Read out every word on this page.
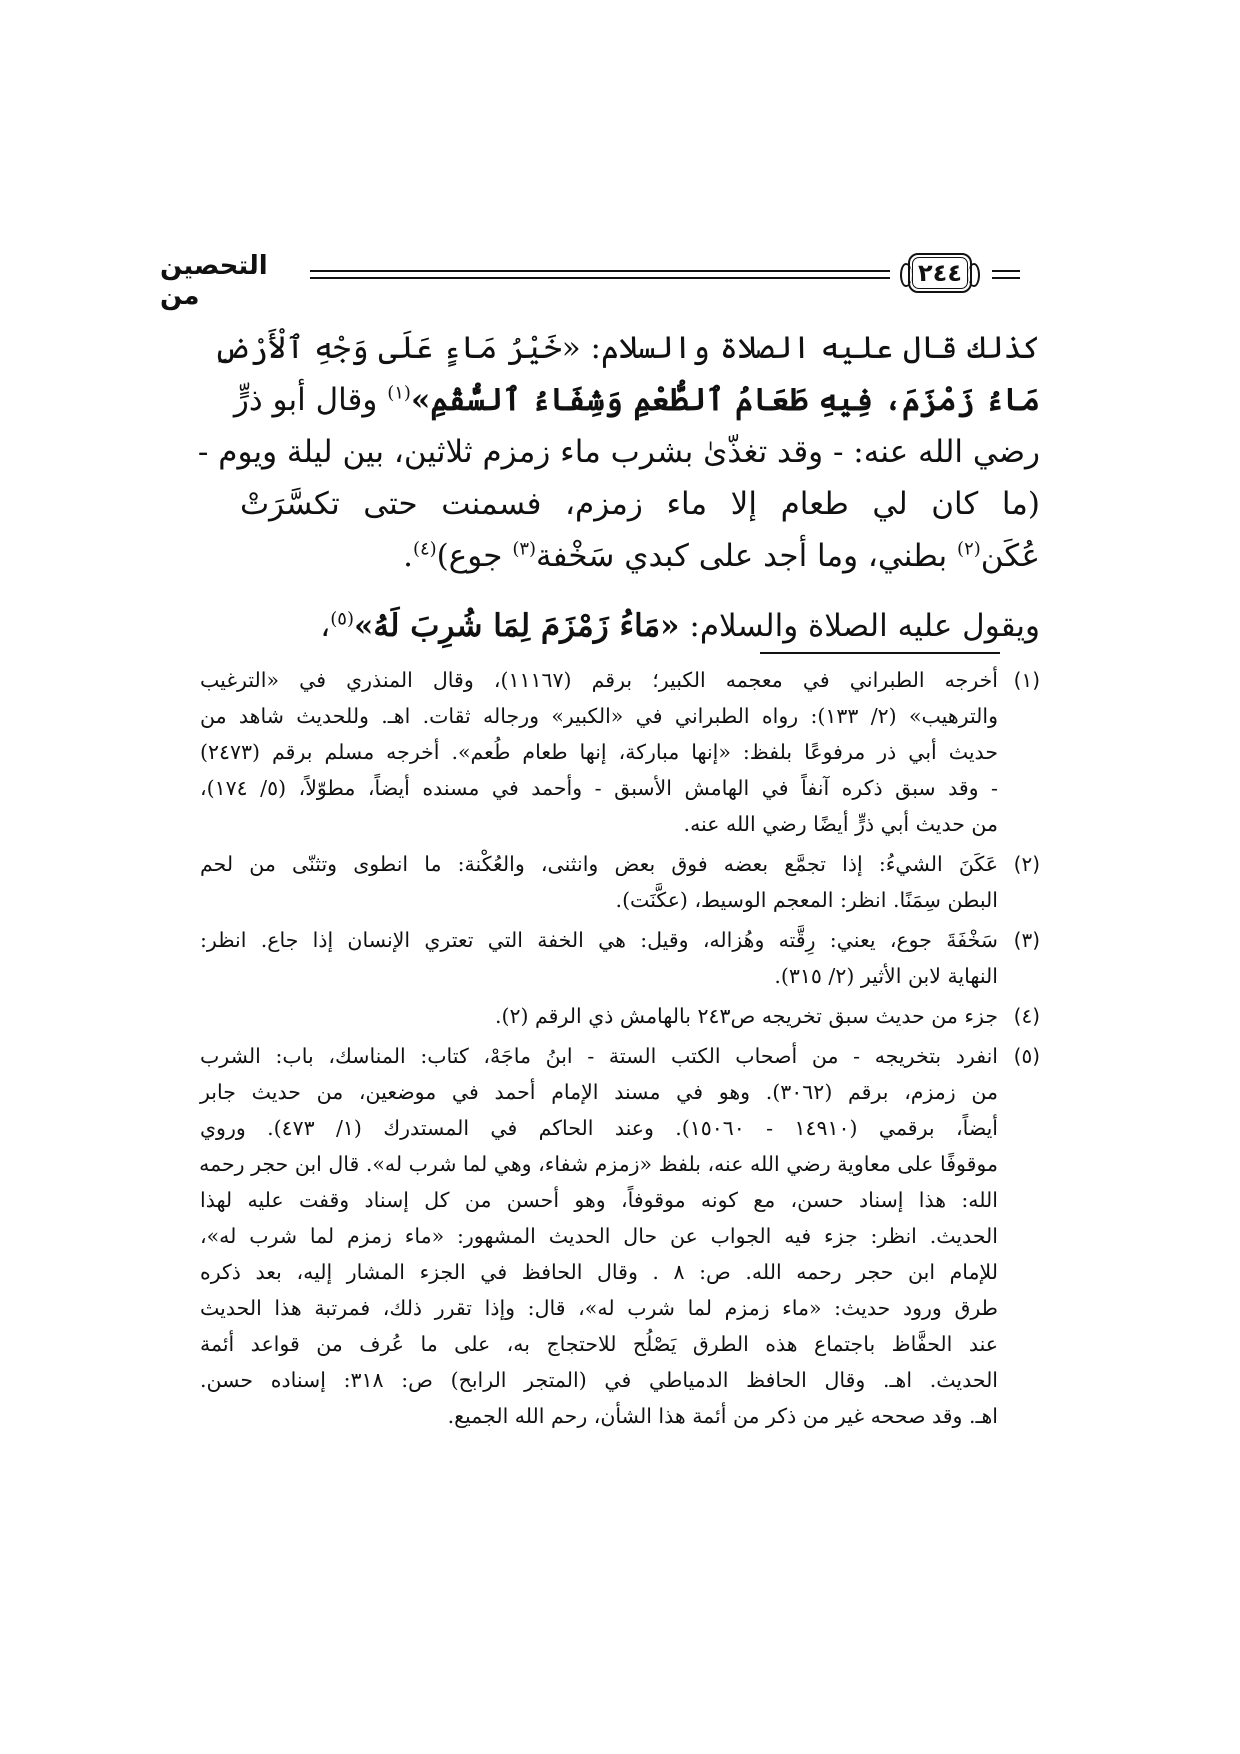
٢٤٤
التحصين من
كذلك قال عليه الصلاة والسلام: «خَيْرُ مَاءٍ عَلَى وَجْهِ ٱلْأَرْضِ
مَاءُ زَمْزَمَ، فِيهِ طَعَامُ ٱلطُّعْمِ وَشِفَاءُ ٱلسُّقْمِ»$^{(١)}$ وقال أبو ذرٍّ
رضي الله عنه: - وقد تغذّىٰ بشرب ماء زمزم ثلاثين، بين ليلة ويوم -
(ما كان لي طعام إلا ماء زمزم، فسمنت حتى تكسَّرَتْ
عُكَن$^{(٢)}$ بطني، وما أجد على كبدي سَخْفة$^{(٣)}$ جوع)$^{(٤)}$.
ويقول عليه الصلاة والسلام: «مَاءُ زَمْزَمَ لِمَا شُرِبَ لَهُ»$^{(٥)}$،
(١)
أخرجه الطبراني في معجمه الكبير؛ برقم (١١١٦٧)، وقال المنذري في «الترغيب
والترهيب» (٢/ ١٣٣): رواه الطبراني في «الكبير» ورجاله ثقات. اهـ. وللحديث شاهد من
حديث أبي ذر مرفوعًا بلفظ: «إنها مباركة، إنها طعام طُعم». أخرجه مسلم برقم (٢٤٧٣)
- وقد سبق ذكره آنفاً في الهامش الأسبق - وأحمد في مسنده أيضاً، مطوّلاً، (٥/ ١٧٤)،
من حديث أبي ذرٍّ أيضًا رضي الله عنه.
(٢)
عَكَنَ الشيءُ: إذا تجمَّع بعضه فوق بعض وانثنى، والعُكْنة: ما انطوى وتثنّى من لحم
البطن سِمَنًا. انظر: المعجم الوسيط، (عكَّنَت).
(٣)
سَخْفَةَ جوع، يعني: رِقَّته وهُزاله، وقيل: هي الخفة التي تعتري الإنسان إذا جاع. انظر:
النهاية لابن الأثير (٢/ ٣١٥).
(٤)
جزء من حديث سبق تخريجه ص٢٤٣ بالهامش ذي الرقم (٢).
(٥)
انفرد بتخريجه - من أصحاب الكتب الستة - ابنُ ماجَهْ، كتاب: المناسك، باب: الشرب
من زمزم، برقم (٣٠٦٢). وهو في مسند الإمام أحمد في موضعين، من حديث جابر
أيضاً، برقمي (١٤٩١٠ - ١٥٠٦٠). وعند الحاكم في المستدرك (١/ ٤٧٣). وروي
موقوفًا على معاوية رضي الله عنه، بلفظ «زمزم شفاء، وهي لما شرب له». قال ابن حجر رحمه
الله: هذا إسناد حسن، مع كونه موقوفاً، وهو أحسن من كل إسناد وقفت عليه لهذا
الحديث. انظر: جزء فيه الجواب عن حال الحديث المشهور: «ماء زمزم لما شرب له»،
للإمام ابن حجر رحمه الله. ص: ٨ . وقال الحافظ في الجزء المشار إليه، بعد ذكره
طرق ورود حديث: «ماء زمزم لما شرب له»، قال: وإذا تقرر ذلك، فمرتبة هذا الحديث
عند الحفَّاظ باجتماع هذه الطرق يَصْلُح للاحتجاج به، على ما عُرف من قواعد أئمة
الحديث. اهـ. وقال الحافظ الدمياطي في (المتجر الرابح) ص: ٣١٨: إسناده حسن.
اهـ. وقد صححه غير من ذكر من أئمة هذا الشأن، رحم الله الجميع.
